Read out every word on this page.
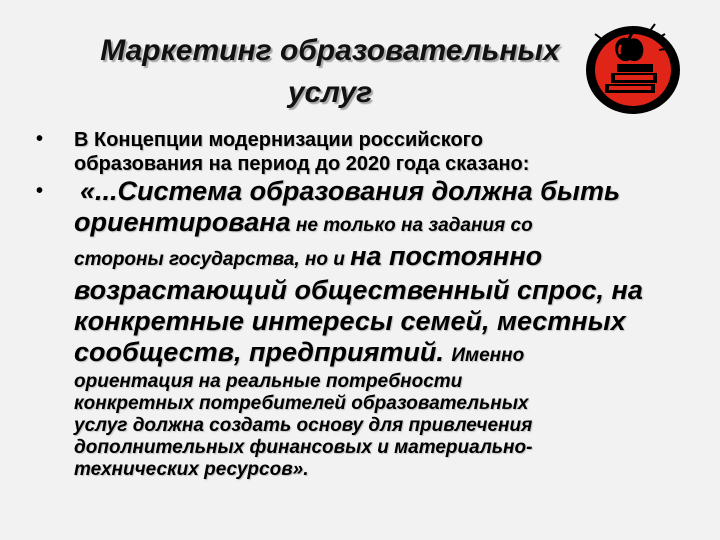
Маркетинг образовательных
услуг
• В Концепции модернизации российского
образования на период до 2020 года сказано:
• «...Система образования должна быть
ориентирована не только на задания со
стороны государства, но и на постоянно
возрастающий общественный спрос, на
конкретные интересы семей, местных
сообществ, предприятий. Именно
ориентация на реальные потребности
конкретных потребителей образовательных
услуг должна создать основу для привлечения
дополнительных финансовых и материально-
технических ресурсов».
